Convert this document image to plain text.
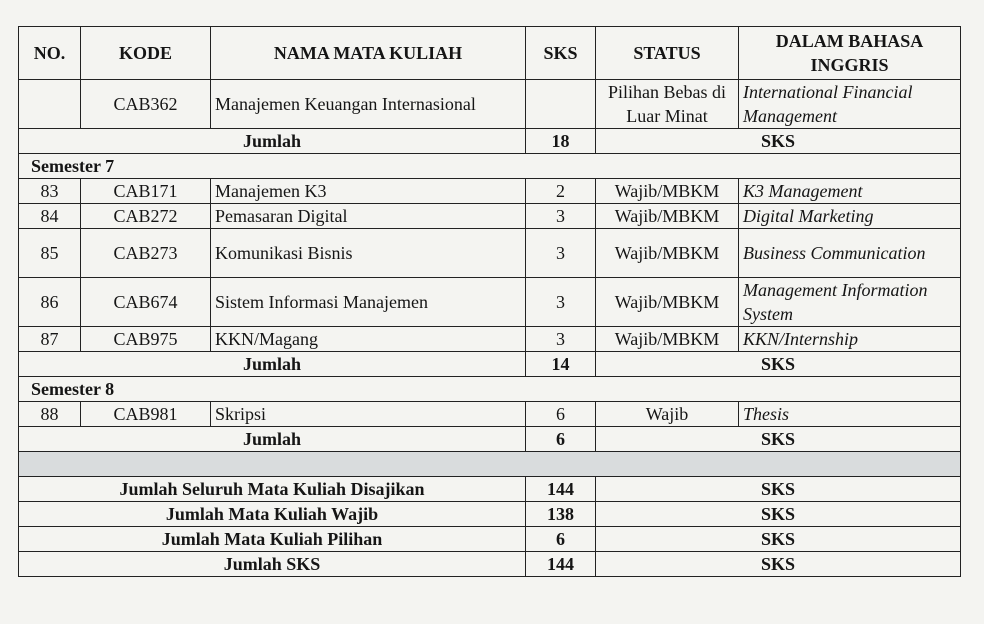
NO.	KODE	NAMA MATA KULIAH	SKS	STATUS	DALAM BAHASA INGGRIS
	CAB362	Manajemen Keuangan Internasional		Pilihan Bebas di Luar Minat	International Financial Management
Jumlah			18	SKS	
Semester 7					
83	CAB171	Manajemen K3	2	Wajib/MBKM	K3 Management
84	CAB272	Pemasaran Digital	3	Wajib/MBKM	Digital Marketing
85	CAB273	Komunikasi Bisnis	3	Wajib/MBKM	Business Communication
86	CAB674	Sistem Informasi Manajemen	3	Wajib/MBKM	Management Information System
87	CAB975	KKN/Magang	3	Wajib/MBKM	KKN/Internship
Jumlah			14	SKS	
Semester 8					
88	CAB981	Skripsi	6	Wajib	Thesis
Jumlah			6	SKS	

Jumlah Seluruh Mata Kuliah Disajikan			144	SKS	
Jumlah Mata Kuliah Wajib			138	SKS	
Jumlah Mata Kuliah Pilihan			6	SKS	
Jumlah SKS			144	SKS	
